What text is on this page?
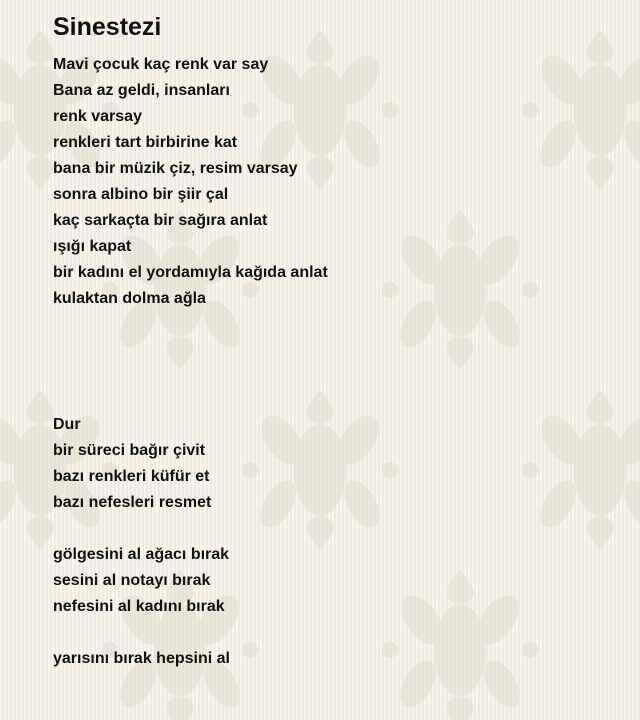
Sinestezi
Mavi çocuk kaç renk var say
Bana az geldi, insanları
renk varsay
renkleri tart birbirine kat
bana bir müzik çiz, resim varsay
sonra albino bir şiir çal
kaç sarkaçta bir sağıra anlat
ışığı kapat
bir kadını el yordamıyla kağıda anlat
kulaktan dolma ağla
Dur
bir süreci bağır çivit
bazı renkleri küfür et
bazı nefesleri resmet
gölgesini al ağacı bırak
sesini al notayı bırak
nefesini al kadını bırak
yarısını bırak hepsini al
